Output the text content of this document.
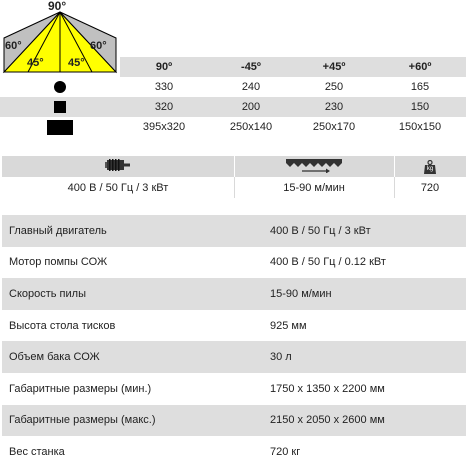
90°
60°	60°
45° 45°	90º	-45º	+45º	+60º
330	240	250	165
320	200	230	150
395x320	250x140	250x170	150x150
kg
400 В / 50 Гц / 3 кВт	15-90 м/мин	720
Главный двигатель	400 В / 50 Гц / 3 кВт
Мотор помпы СОЖ	400 В / 50 Гц / 0.12 кВт
Скорость пилы	15-90 м/мин
Высота стола тисков	925 мм
Объем бака СОЖ	30 л
Габаритные размеры (мин.)	1750 x 1350 x 2200 мм
Габаритные размеры (макс.)	2150 x 2050 x 2600 мм
Вес станка	720 кг
